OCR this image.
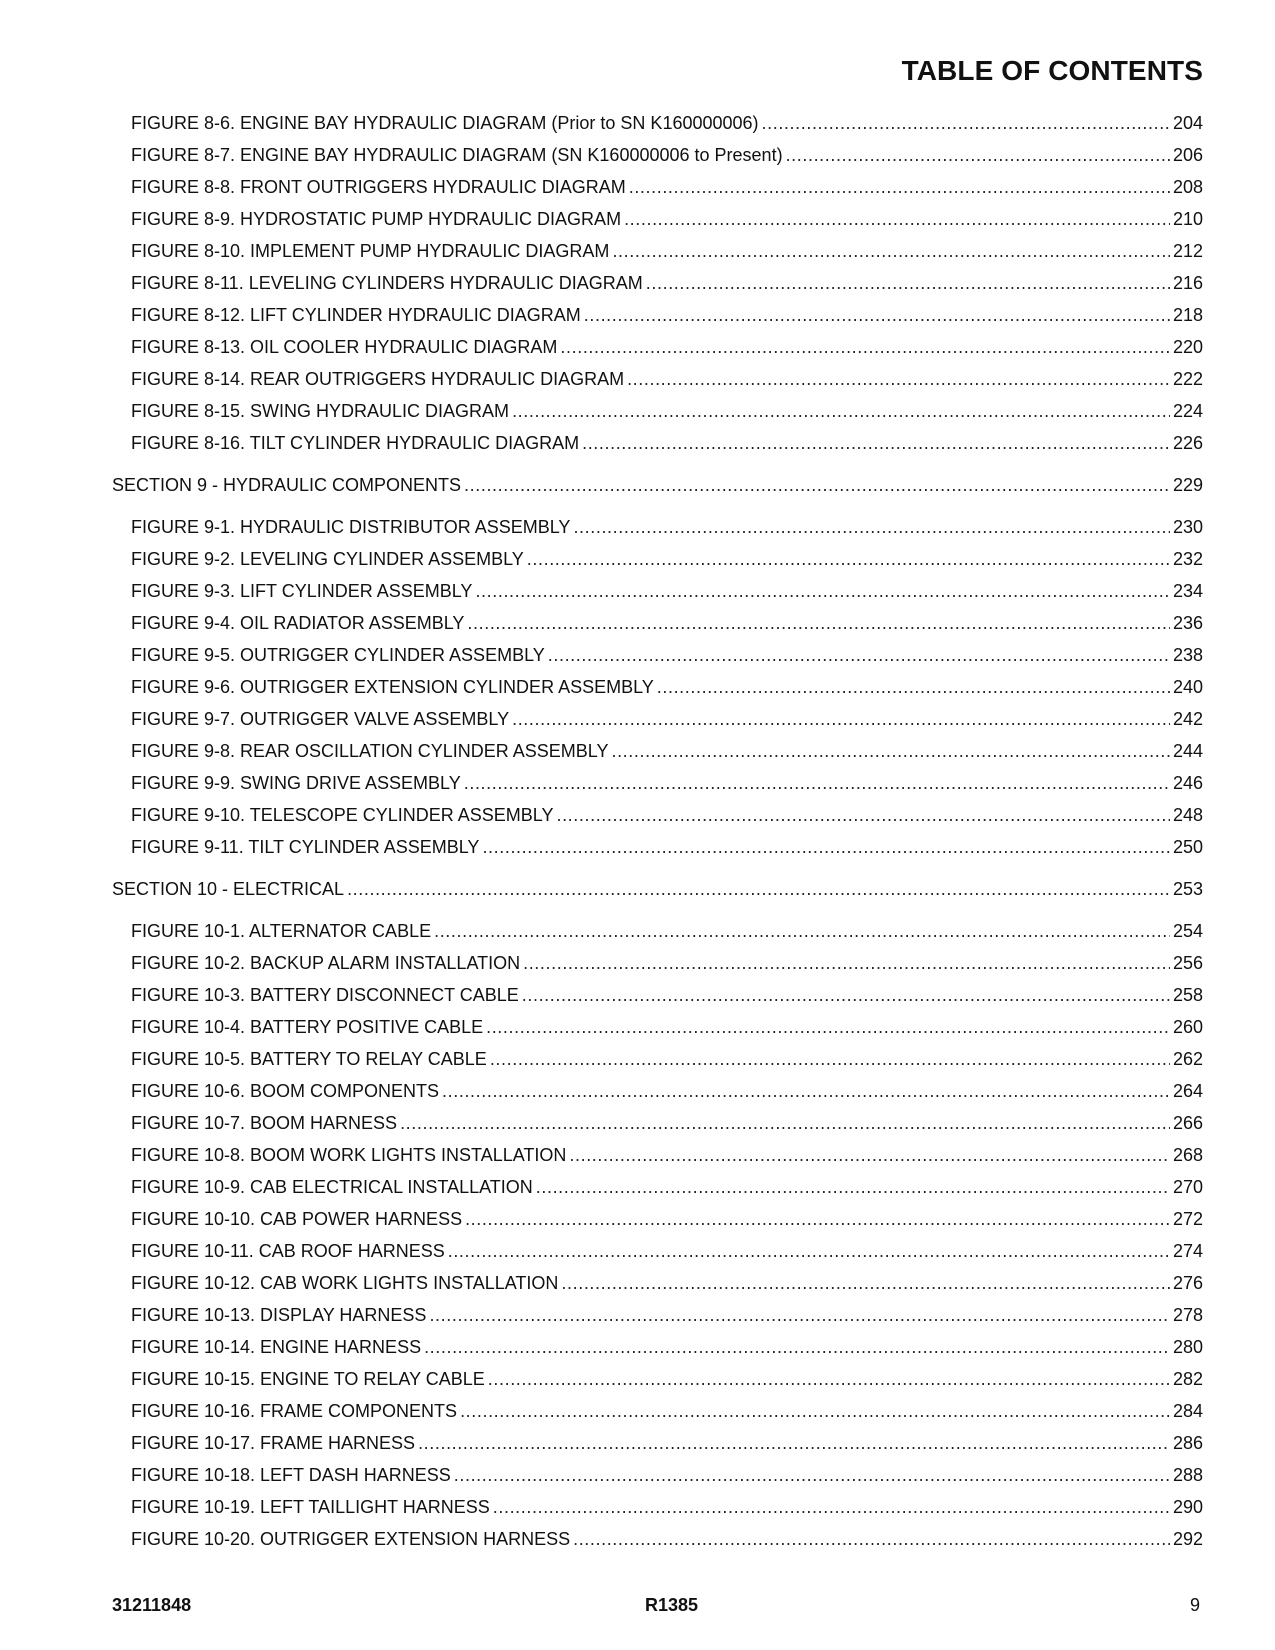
TABLE OF CONTENTS
FIGURE 8-6. ENGINE BAY HYDRAULIC DIAGRAM (Prior to SN K160000006) .....	204
FIGURE 8-7. ENGINE BAY HYDRAULIC DIAGRAM (SN K160000006 to Present) .....	206
FIGURE 8-8. FRONT OUTRIGGERS HYDRAULIC DIAGRAM .....	208
FIGURE 8-9. HYDROSTATIC PUMP HYDRAULIC DIAGRAM .....	210
FIGURE 8-10. IMPLEMENT PUMP HYDRAULIC DIAGRAM .....	212
FIGURE 8-11. LEVELING CYLINDERS HYDRAULIC DIAGRAM .....	216
FIGURE 8-12. LIFT CYLINDER HYDRAULIC DIAGRAM .....	218
FIGURE 8-13. OIL COOLER HYDRAULIC DIAGRAM .....	220
FIGURE 8-14. REAR OUTRIGGERS HYDRAULIC DIAGRAM .....	222
FIGURE 8-15. SWING HYDRAULIC DIAGRAM .....	224
FIGURE 8-16. TILT CYLINDER HYDRAULIC DIAGRAM .....	226
SECTION 9 - HYDRAULIC COMPONENTS .....	229
FIGURE 9-1. HYDRAULIC DISTRIBUTOR ASSEMBLY .....	230
FIGURE 9-2. LEVELING CYLINDER ASSEMBLY .....	232
FIGURE 9-3. LIFT CYLINDER ASSEMBLY .....	234
FIGURE 9-4. OIL RADIATOR ASSEMBLY .....	236
FIGURE 9-5. OUTRIGGER CYLINDER ASSEMBLY .....	238
FIGURE 9-6. OUTRIGGER EXTENSION CYLINDER ASSEMBLY .....	240
FIGURE 9-7. OUTRIGGER VALVE ASSEMBLY .....	242
FIGURE 9-8. REAR OSCILLATION CYLINDER ASSEMBLY .....	244
FIGURE 9-9. SWING DRIVE ASSEMBLY .....	246
FIGURE 9-10. TELESCOPE CYLINDER ASSEMBLY .....	248
FIGURE 9-11. TILT CYLINDER ASSEMBLY .....	250
SECTION 10 - ELECTRICAL .....	253
FIGURE 10-1. ALTERNATOR CABLE .....	254
FIGURE 10-2. BACKUP ALARM INSTALLATION .....	256
FIGURE 10-3. BATTERY DISCONNECT CABLE .....	258
FIGURE 10-4. BATTERY POSITIVE CABLE .....	260
FIGURE 10-5. BATTERY TO RELAY CABLE .....	262
FIGURE 10-6. BOOM COMPONENTS .....	264
FIGURE 10-7. BOOM HARNESS .....	266
FIGURE 10-8. BOOM WORK LIGHTS INSTALLATION .....	268
FIGURE 10-9. CAB ELECTRICAL INSTALLATION .....	270
FIGURE 10-10. CAB POWER HARNESS .....	272
FIGURE 10-11. CAB ROOF HARNESS .....	274
FIGURE 10-12. CAB WORK LIGHTS INSTALLATION .....	276
FIGURE 10-13. DISPLAY HARNESS .....	278
FIGURE 10-14. ENGINE HARNESS .....	280
FIGURE 10-15. ENGINE TO RELAY CABLE .....	282
FIGURE 10-16. FRAME COMPONENTS .....	284
FIGURE 10-17. FRAME HARNESS .....	286
FIGURE 10-18. LEFT DASH HARNESS .....	288
FIGURE 10-19. LEFT TAILLIGHT HARNESS .....	290
FIGURE 10-20. OUTRIGGER EXTENSION HARNESS .....	292
31211848	R1385	9
